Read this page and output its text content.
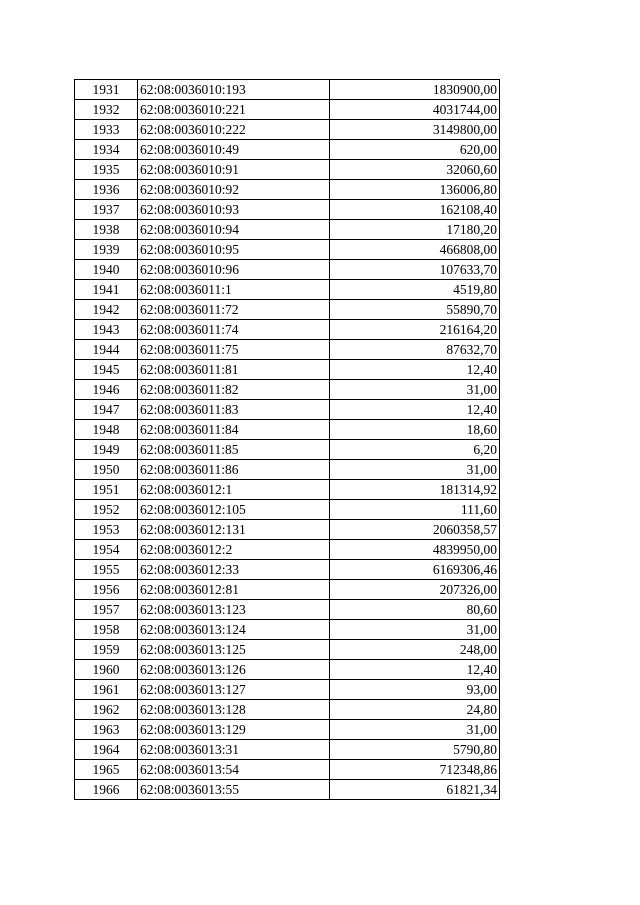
1931	62:08:0036010:193	1830900,00
1932	62:08:0036010:221	4031744,00
1933	62:08:0036010:222	3149800,00
1934	62:08:0036010:49	620,00
1935	62:08:0036010:91	32060,60
1936	62:08:0036010:92	136006,80
1937	62:08:0036010:93	162108,40
1938	62:08:0036010:94	17180,20
1939	62:08:0036010:95	466808,00
1940	62:08:0036010:96	107633,70
1941	62:08:0036011:1	4519,80
1942	62:08:0036011:72	55890,70
1943	62:08:0036011:74	216164,20
1944	62:08:0036011:75	87632,70
1945	62:08:0036011:81	12,40
1946	62:08:0036011:82	31,00
1947	62:08:0036011:83	12,40
1948	62:08:0036011:84	18,60
1949	62:08:0036011:85	6,20
1950	62:08:0036011:86	31,00
1951	62:08:0036012:1	181314,92
1952	62:08:0036012:105	111,60
1953	62:08:0036012:131	2060358,57
1954	62:08:0036012:2	4839950,00
1955	62:08:0036012:33	6169306,46
1956	62:08:0036012:81	207326,00
1957	62:08:0036013:123	80,60
1958	62:08:0036013:124	31,00
1959	62:08:0036013:125	248,00
1960	62:08:0036013:126	12,40
1961	62:08:0036013:127	93,00
1962	62:08:0036013:128	24,80
1963	62:08:0036013:129	31,00
1964	62:08:0036013:31	5790,80
1965	62:08:0036013:54	712348,86
1966	62:08:0036013:55	61821,34
